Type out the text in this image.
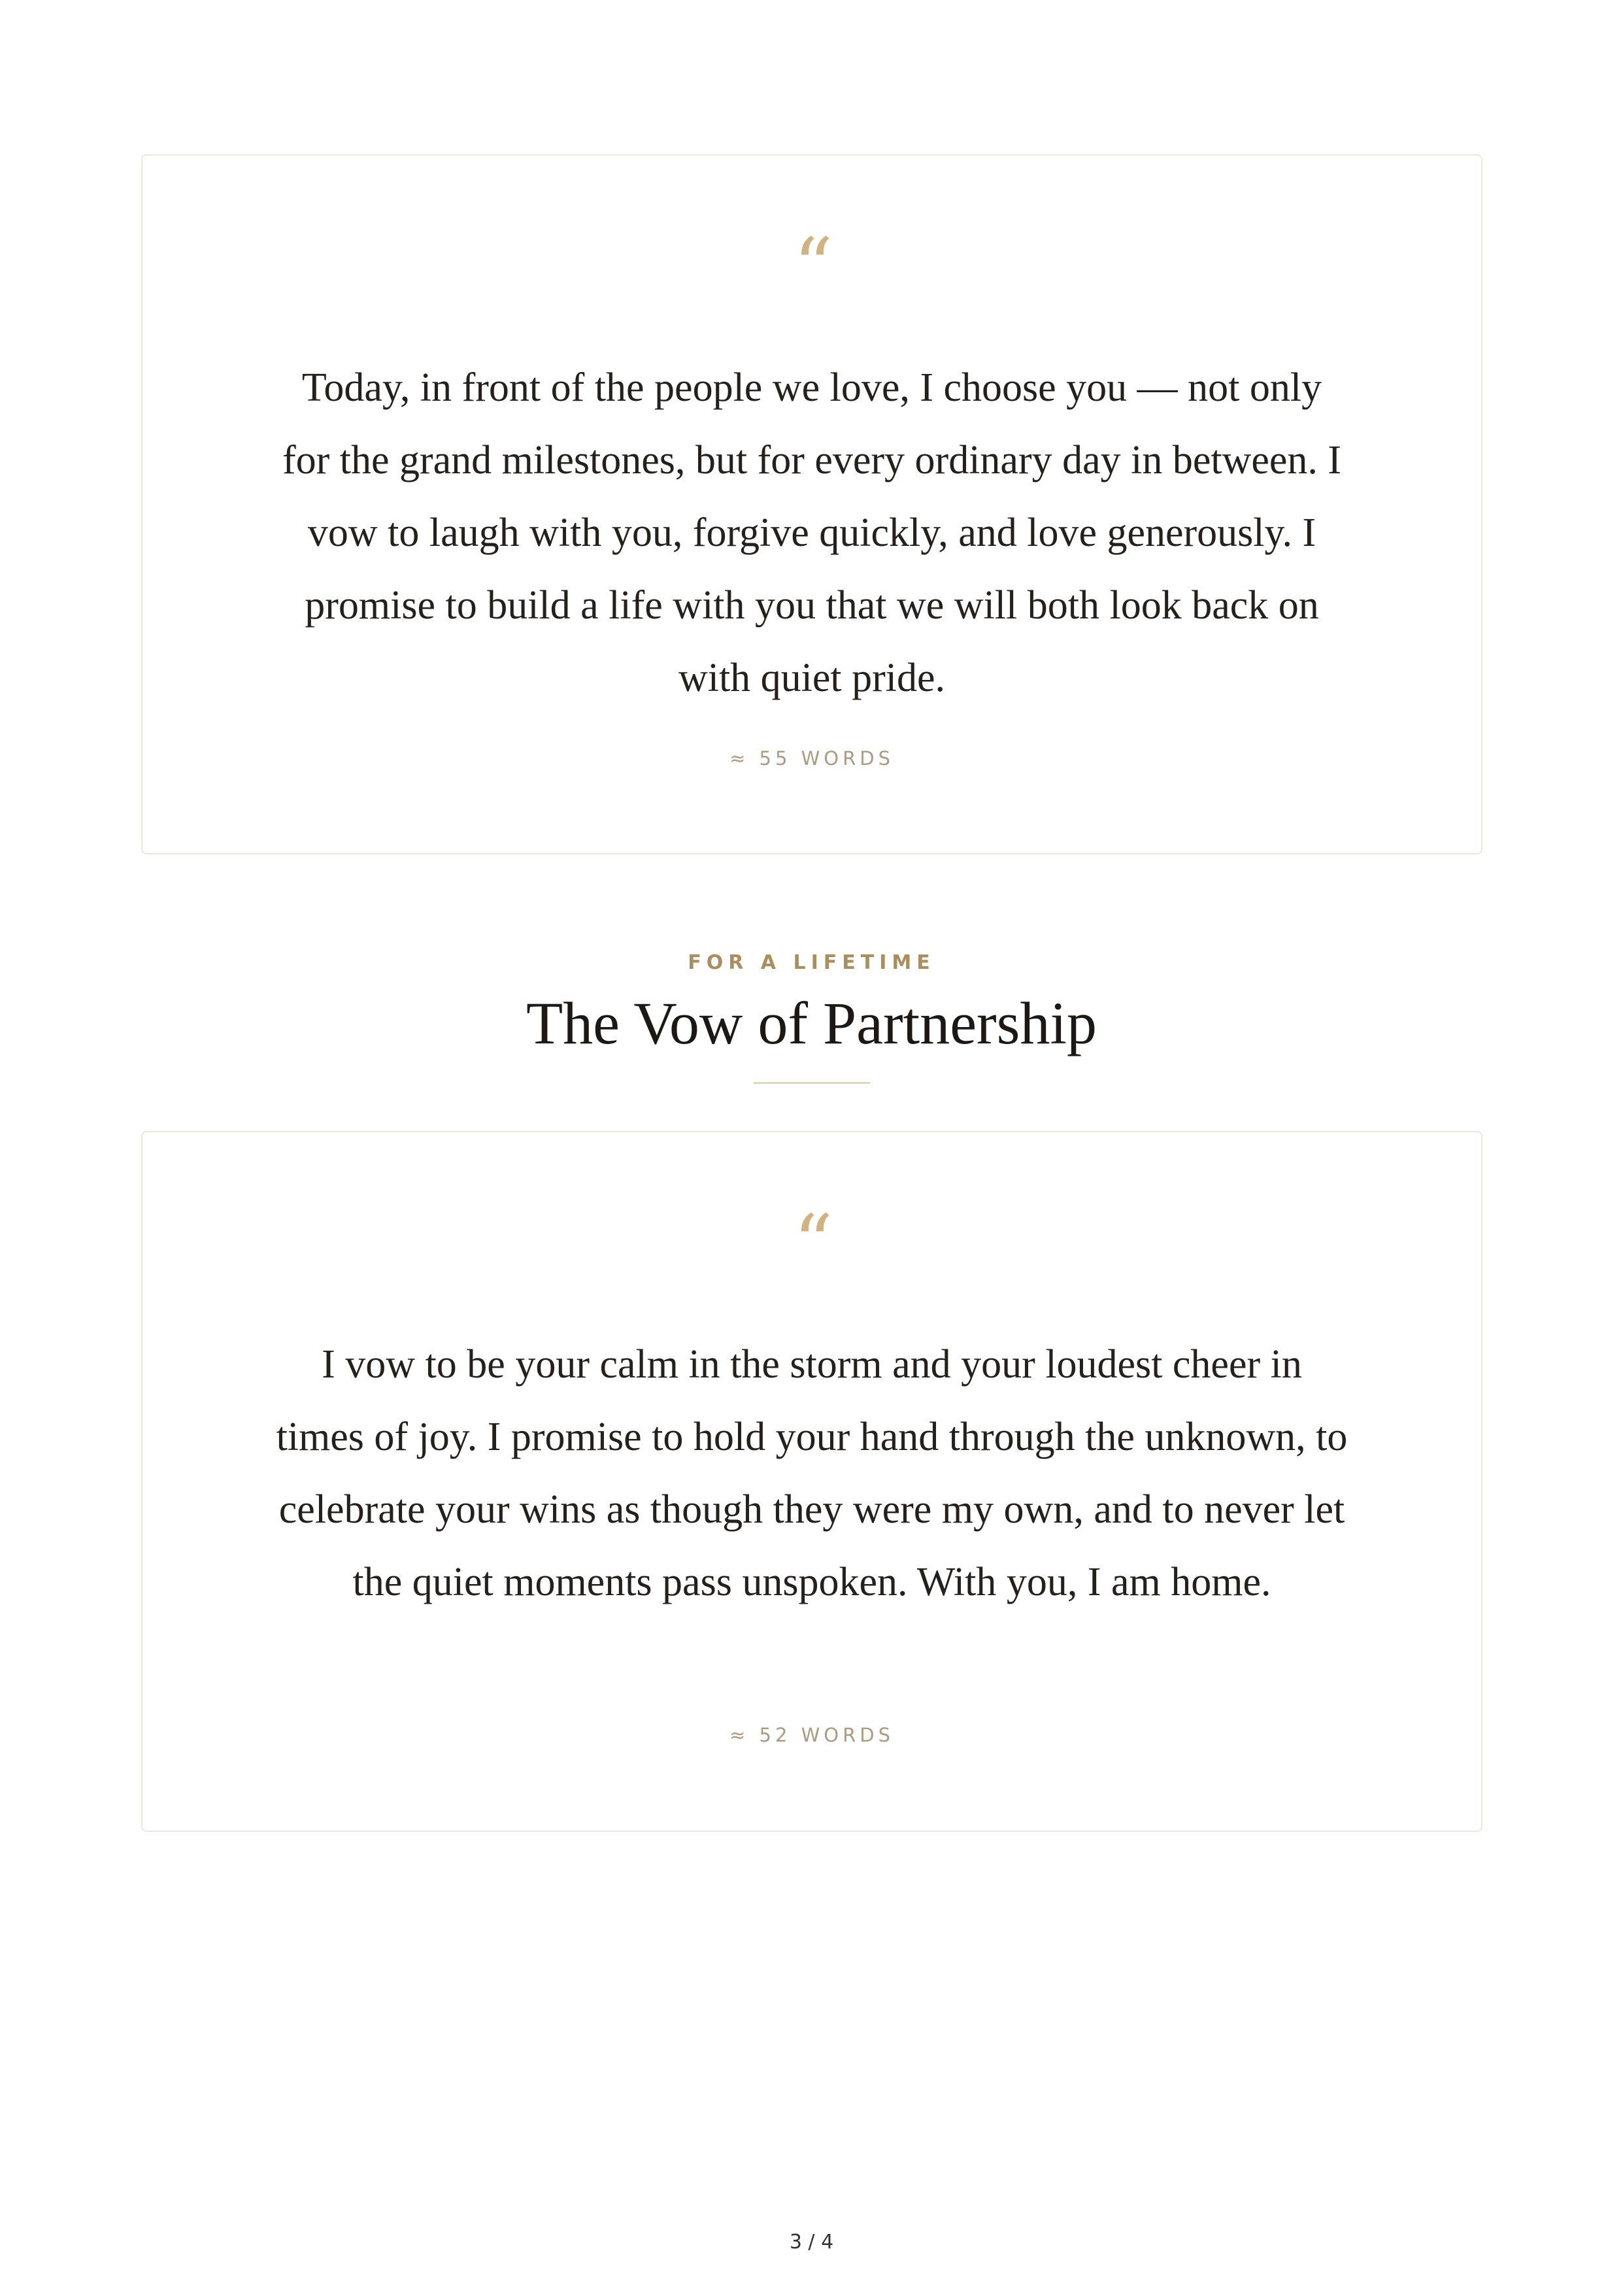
“
Today, in front of the people we love, I choose you — not only for the grand milestones, but for every ordinary day in between. I vow to laugh with you, forgive quickly, and love generously. I promise to build a life with you that we will both look back on with quiet pride.
≈ 55 WORDS
FOR A LIFETIME
The Vow of Partnership
“
I vow to be your calm in the storm and your loudest cheer in times of joy. I promise to hold your hand through the unknown, to celebrate your wins as though they were my own, and to never let the quiet moments pass unspoken. With you, I am home.
≈ 52 WORDS
3 / 4
